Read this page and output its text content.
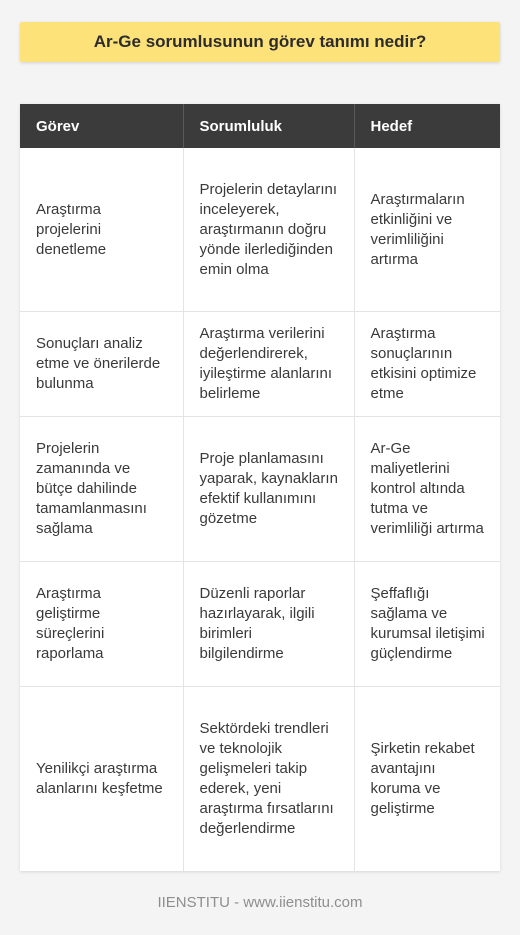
Ar-Ge sorumlusunun görev tanımı nedir?
Görev	Sorumluluk	Hedef
Araştırma projelerini denetleme	Projelerin detaylarını inceleyerek, araştırmanın doğru yönde ilerlediğinden emin olma	Araştırmaların etkinliğini ve verimliliğini artırma
Sonuçları analiz etme ve önerilerde bulunma	Araştırma verilerini değerlendirerek, iyileştirme alanlarını belirleme	Araştırma sonuçlarının etkisini optimize etme
Projelerin zamanında ve bütçe dahilinde tamamlanmasını sağlama	Proje planlamasını yaparak, kaynakların efektif kullanımını gözetme	Ar-Ge maliyetlerini kontrol altında tutma ve verimliliği artırma
Araştırma geliştirme süreçlerini raporlama	Düzenli raporlar hazırlayarak, ilgili birimleri bilgilendirme	Şeffaflığı sağlama ve kurumsal iletişimi güçlendirme
Yenilikçi araştırma alanlarını keşfetme	Sektördeki trendleri ve teknolojik gelişmeleri takip ederek, yeni araştırma fırsatlarını değerlendirme	Şirketin rekabet avantajını koruma ve geliştirme
IIENSTITU - www.iienstitu.com
